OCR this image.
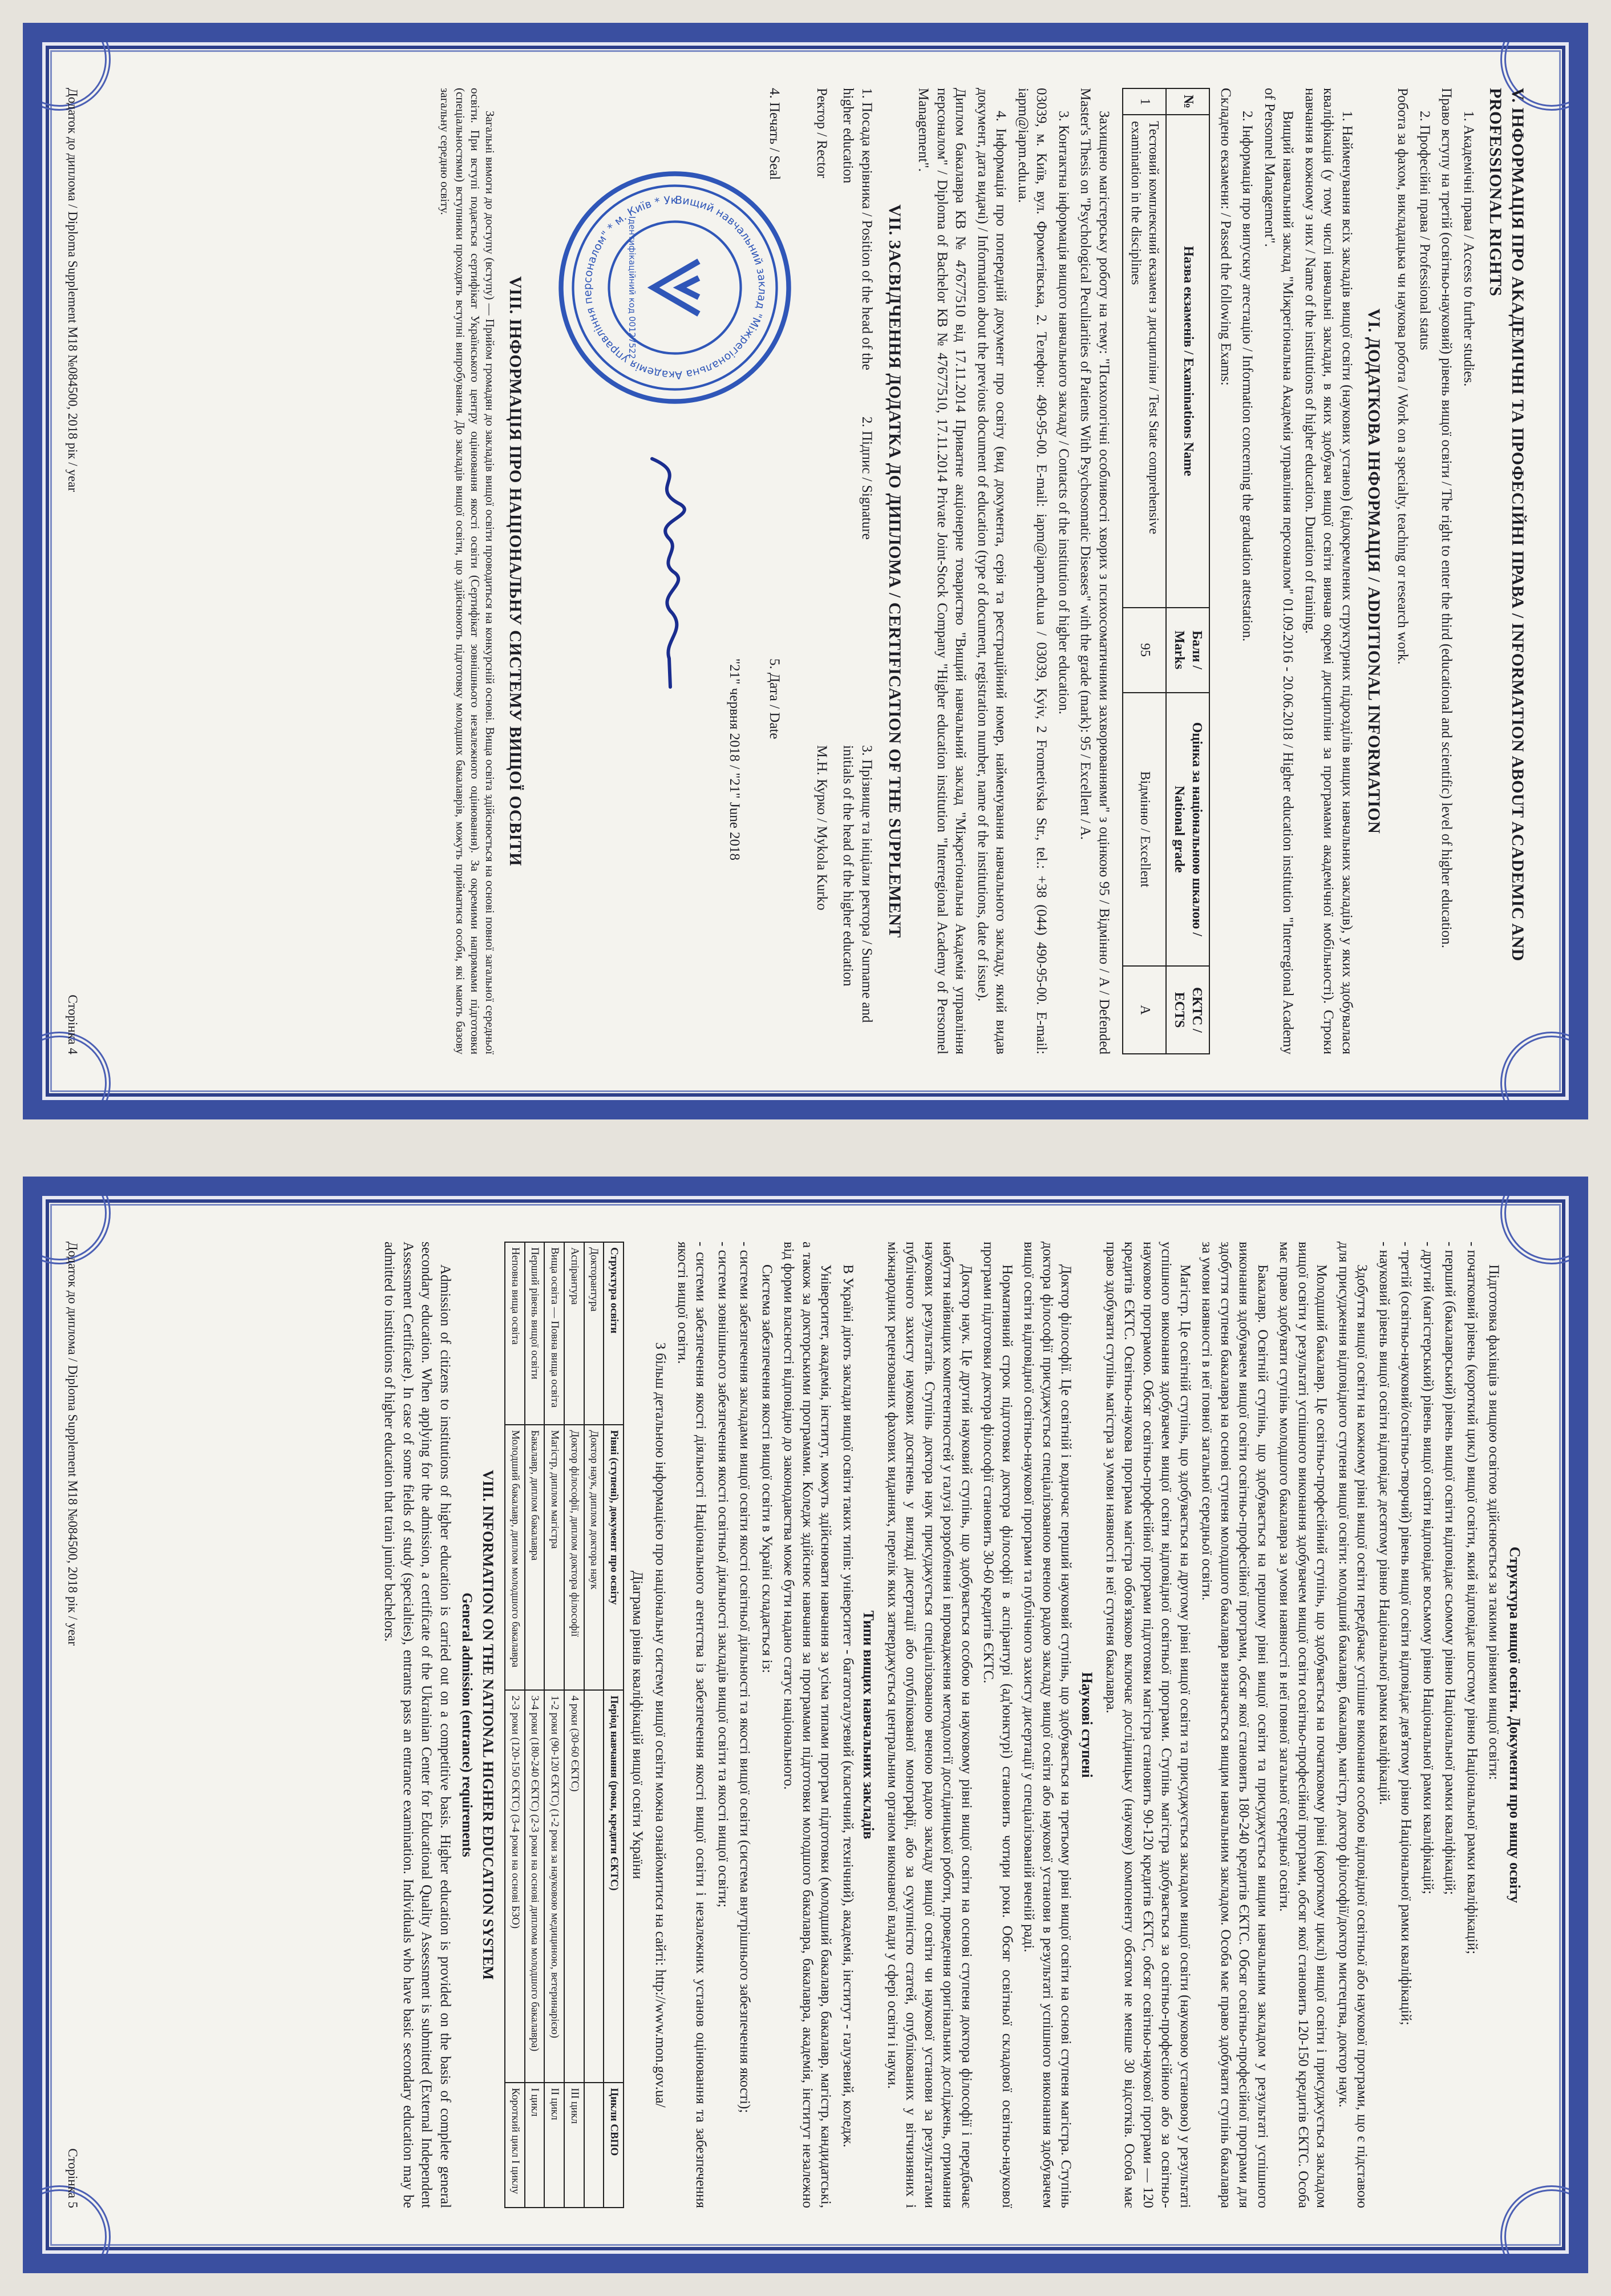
V. ІНФОРМАЦІЯ ПРО АКАДЕМІЧНІ ТА ПРОФЕСІЙНІ ПРАВА / INFORMATION ABOUT ACADEMIC AND PROFESSIONAL RIGHTS

1. Академічні права / Access to further studies.

Право вступу на третій (освітньо-науковий) рівень вищої освіти / The right to enter the third (educational and scientific) level of higher education.

2. Професійні права / Professional status

Робота за фахом, викладацька чи наукова робота / Work on a specialty, teaching or research work.

VI. ДОДАТКОВА ІНФОРМАЦІЯ / ADDITIONAL INFORMATION

1. Найменування всіх закладів вищої освіти (наукових установ) (відокремлених структурних підрозділів вищих навчальних закладів), у яких здобувалася кваліфікація (у тому числі навчальні заклади, в яких здобувач вищої освіти вивчав окремі дисципліни за програмами академічної мобільності). Строки навчання в кожному з них / Name of the institutions of higher education. Duration of training.

Вищий навчальний заклад "Міжрегіональна Академія управління персоналом" 01.09.2016 - 20.06.2018 / Higher education institution "Interregional Academy of Personnel Management".

2. Інформація про випускну атестацію / Information concerning the graduation attestation.

Складено екзамени: / Passed the following Exams:

№	Назва екзаменів / Examinations Name	Бали / Marks	Оцінка за національною шкалою / National grade	ЄКТС / ECTS
1	Тестовий комплексний екзамен з дисципліни / Test State comprehensive examination in the disciplines	95	Відмінно / Excellent	A

Захищено магістерську роботу на тему: "Психологічні особливості хворих з психосоматичними захворюваннями" з оцінкою 95 / Відмінно / A / Defended Master's Thesis on "Psychological Peculiarities of Patients With Psychosomatic Diseases" with the grade (mark): 95 / Excellent / A.

3. Контактна інформація вищого навчального закладу / Contacts of the institution of higher education.

03039, м. Київ, вул. Фрометівська, 2. Телефон: 490-95-00. E-mail: iapm@iapm.edu.ua / 03039, Kyiv, 2 Frometivska Str., tel.: +38 (044) 490-95-00. E-mail: iapm@iapm.edu.ua.

4. Інформація про попередній документ про освіту (вид документа, серія та реєстраційний номер, найменування навчального закладу, який видав документ, дата видачі) / Information about the previous document of education (type of document, registration number, name of the institutions, date of issue).

Диплом бакалавра КВ № 47677510 від 17.11.2014 Приватне акціонерне товариство "Вищий навчальний заклад "Міжрегіональна Академія управління персоналом" / Diploma of Bachelor КВ № 47677510, 17.11.2014 Private Joint-Stock Company "Higher education institution "Interregional Academy of Personnel Management".

VII. ЗАСВІДЧЕННЯ ДОДАТКА ДО ДИПЛОМА / CERTIFICATION OF THE SUPPLEMENT
1. Посада керівника / Position of the head of the higher education
2. Підпис / Signature
3. Прізвище та ініціали ректора / Surname and initials of the head of the higher education
Ректор / Rector
М.Н. Курко / Mykola Kurko
4. Печать / Seal
5. Дата / Date
"21" червня 2018 / "21" June 2018
Вищий навчальний заклад "Міжрегіональна Академія управління персоналом" * м. Київ * Ук
Ідентифікаційний код 00127522
VIII. ІНФОРМАЦІЯ ПРО НАЦІОНАЛЬНУ СИСТЕМУ ВИЩОЇ ОСВІТИ

Загальні вимоги до доступу (вступу) — Прийом громадян до закладів вищої освіти проводиться на конкурсній основі. Вища освіта здійснюється на основі повної загальної середньої освіти. При вступі подається сертифікат Українського центру оцінювання якості освіти (Сертифікат зовнішнього незалежного оцінювання). За окремими напрямами підготовки (спеціальностями) вступники проходять вступні випробування. До закладів вищої освіти, що здійснюють підготовку молодших бакалаврів, можуть прийматися особи, які мають базову загальну середню освіту.

Додаток до диплома / Diploma Supplement M18 №084500, 2018 рік / year
Сторінка 4
Структура вищої освіти. Документи про вищу освіту

Підготовка фахівців з вищою освітою здійснюється за такими рівнями вищої освіти:

- початковий рівень (короткий цикл) вищої освіти, який відповідає шостому рівню Національної рамки кваліфікацій;

- перший (бакалаврський) рівень вищої освіти відповідає сьомому рівню Національної рамки кваліфікацій;

- другий (магістерський) рівень вищої освіти відповідає восьмому рівню Національної рамки кваліфікацій;

- третій (освітньо-науковий/освітньо-творчий) рівень вищої освіти відповідає дев'ятому рівню Національної рамки кваліфікацій;

- науковий рівень вищої освіти відповідає десятому рівню Національної рамки кваліфікацій.

Здобуття вищої освіти на кожному рівні вищої освіти передбачає успішне виконання особою відповідної освітньої або наукової програми, що є підставою для присудження відповідного ступеня вищої освіти: молодший бакалавр, бакалавр, магістр, доктор філософії/доктор мистецтва, доктор наук.

Молодший бакалавр. Це освітньо-професійний ступінь, що здобувається на початковому рівні (короткому циклі) вищої освіти і присуджується закладом вищої освіти у результаті успішного виконання здобувачем вищої освіти освітньо-професійної програми, обсяг якої становить 120-150 кредитів ЄКТС. Особа має право здобувати ступінь молодшого бакалавра за умови наявності в неї повної загальної середньої освіти.

Бакалавр. Освітній ступінь, що здобувається на першому рівні вищої освіти та присуджується вищим навчальним закладом у результаті успішного виконання здобувачем вищої освіти освітньо-професійної програми, обсяг якої становить 180-240 кредитів ЄКТС. Обсяг освітньо-професійної програми для здобуття ступеня бакалавра на основі ступеня молодшого бакалавра визначається вищим навчальним закладом. Особа має право здобувати ступінь бакалавра за умови наявності в неї повної загальної середньої освіти.

Магістр. Це освітній ступінь, що здобувається на другому рівні вищої освіти та присуджується закладом вищої освіти (науковою установою) у результаті успішного виконання здобувачем вищої освіти відповідної освітньої програми. Ступінь магістра здобувається за освітньо-професійною або за освітньо-науковою програмою. Обсяг освітньо-професійної програми підготовки магістра становить 90-120 кредитів ЄКТС, обсяг освітньо-наукової програми — 120 кредитів ЄКТС. Освітньо-наукова програма магістра обов'язково включає дослідницьку (наукову) компоненту обсягом не менше 30 відсотків. Особа має право здобувати ступінь магістра за умови наявності в неї ступеня бакалавра.

Наукові ступені

Доктор філософії. Це освітній і водночас перший науковий ступінь, що здобувається на третьому рівні вищої освіти на основі ступеня магістра. Ступінь доктора філософії присуджується спеціалізованою вченою радою закладу вищої освіти або наукової установи в результаті успішного виконання здобувачем вищої освіти відповідної освітньо-наукової програми та публічного захисту дисертації у спеціалізованій вченій раді.

Нормативний строк підготовки доктора філософії в аспірантурі (ад'юнктурі) становить чотири роки. Обсяг освітньої складової освітньо-наукової програми підготовки доктора філософії становить 30-60 кредитів ЄКТС.

Доктор наук. Це другий науковий ступінь, що здобувається особою на науковому рівні вищої освіти на основі ступеня доктора філософії і передбачає набуття найвищих компетентностей у галузі розроблення і впровадження методології дослідницької роботи, проведення оригінальних досліджень, отримання наукових результатів. Ступінь доктора наук присуджується спеціалізованою вченою радою закладу вищої освіти чи наукової установи за результатами публічного захисту наукових досягнень у вигляді дисертації або опублікованої монографії, або за сукупністю статей, опублікованих у вітчизняних і міжнародних рецензованих фахових виданнях, перелік яких затверджується центральним органом виконавчої влади у сфері освіти і науки.

Типи вищих навчальних закладів

В Україні діють заклади вищої освіти таких типів: університет - багатогалузевий (класичний, технічний), академія, інститут - галузевий, коледж.

Університет, академія, інститут, можуть здійснювати навчання за усіма типами програм підготовки (молодший бакалавр, бакалавр, магістр, кандидатські, а також за докторськими програмами. Коледж здійснює навчання за програмами підготовки молодшого бакалавра, бакалавра, академія, інститут незалежно від форми власності відповідно до законодавства може бути надано статус національного.

Система забезпечення якості вищої освіти в Україні складається із:

- системи забезпечення закладами вищої освіти якості освітньої діяльності та якості вищої освіти (система внутрішнього забезпечення якості);

- системи зовнішнього забезпечення якості освітньої діяльності закладів вищої освіти та якості вищої освіти;

- системи забезпечення якості діяльності Національного агентства із забезпечення якості вищої освіти і незалежних установ оцінювання та забезпечення якості вищої освіти.

З більш детальною інформацією про національну систему вищої освіти можна ознайомитися на сайті: http://www.mon.gov.ua/

Діаграма рівнів кваліфікацій вищої освіти України

Структура освіти	Рівні (ступені), документ про освіту	Період навчання (роки, кредити ЄКТС)	Цикли СВПО
Докторантура	Доктор наук, диплом доктора наук		
Аспірантура	Доктор філософії, диплом доктора філософії	4 роки (30-60 ЄКТС)	III цикл
Вища освіта — Повна вища освіта	Магістр, диплом магістра	1-2 роки (90-120 ЄКТС) (1-2 роки за науковою медициною, ветеринарією)	II цикл
Перший рівень вищої освіти	Бакалавр, диплом бакалавра	3-4 роки (180-240 ЄКТС) (2-3 роки на основі диплома молодшого бакалавра)	I цикл
Неповна вища освіта	Молодший бакалавр, диплом молодшого бакалавра	2-3 роки (120-150 ЄКТС) (3-4 роки на основі БЗО)	Короткий цикл І циклу
VIII. INFORMATION ON THE NATIONAL HIGHER EDUCATION SYSTEM

General admission (entrance) requirements

Admission of citizens to institutions of higher education is carried out on a competitive basis. Higher education is provided on the basis of complete general secondary education. When applying for the admission, a certificate of the Ukrainian Center for Educational Quality Assessment is submitted (External Independent Assessment Certificate). In case of some fields of study (specialties), entrants pass an entrance examination. Individuals who have basic secondary education may be admitted to institutions of higher education that train junior bachelors.

Додаток до диплома / Diploma Supplement M18 №084500, 2018 рік / year
Сторінка 5
